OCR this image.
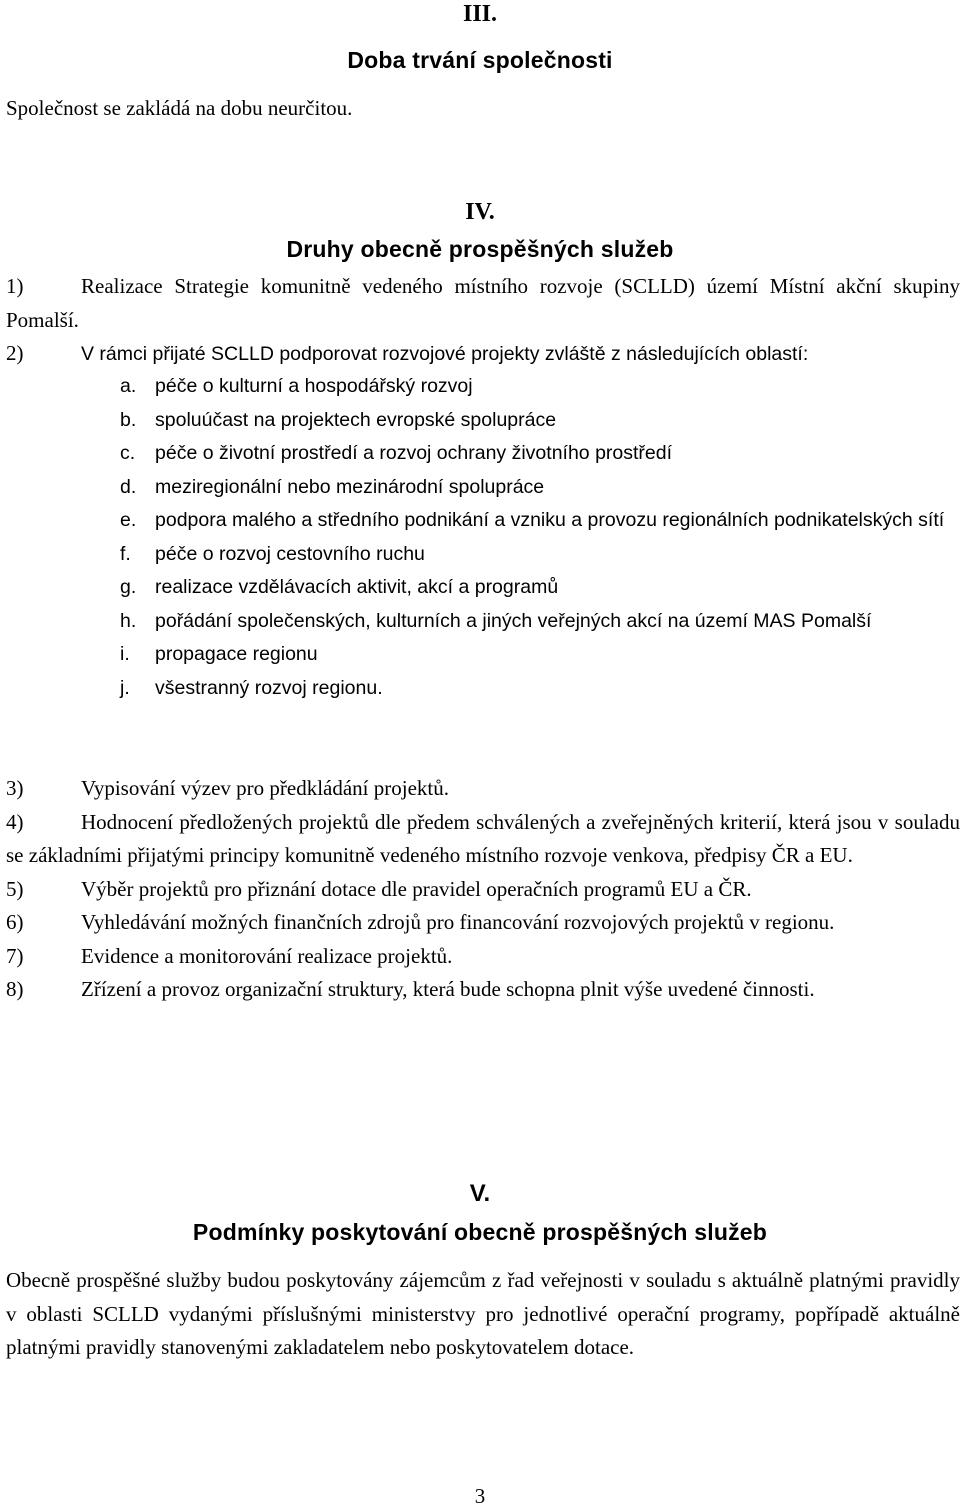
III.
Doba trvání společnosti
Společnost se zakládá na dobu neurčitou.
IV.
Druhy obecně prospěšných služeb
1)	Realizace Strategie komunitně vedeného místního rozvoje (SCLLD) území Místní akční skupiny Pomalší.
2)	V rámci přijaté SCLLD podporovat rozvojové projekty zvláště z následujících oblastí:
a. péče o kulturní a hospodářský rozvoj
b. spoluúčast na projektech evropské spolupráce
c. péče o životní prostředí a rozvoj ochrany životního prostředí
d. meziregionální nebo mezinárodní spolupráce
e. podpora malého a středního podnikání a vzniku a provozu regionálních podnikatelských sítí
f. péče o rozvoj cestovního ruchu
g. realizace vzdělávacích aktivit, akcí a programů
h. pořádání společenských, kulturních a jiných veřejných akcí na území MAS Pomalší
i. propagace regionu
j. všestranný rozvoj regionu.
3)	Vypisování výzev pro předkládání projektů.
4)	Hodnocení předložených projektů dle předem schválených a zveřejněných kriterií, která jsou v souladu se základními přijatými principy komunitně vedeného místního rozvoje venkova, předpisy ČR a EU.
5)	Výběr projektů pro přiznání dotace dle pravidel operačních programů EU a ČR.
6)	Vyhledávání možných finančních zdrojů pro financování rozvojových projektů v regionu.
7)	Evidence a monitorování realizace projektů.
8)	Zřízení a provoz organizační struktury, která bude schopna plnit výše uvedené činnosti.
V.
Podmínky poskytování obecně prospěšných služeb
Obecně prospěšné služby budou poskytovány zájemcům z řad veřejnosti v souladu s aktuálně platnými pravidly v oblasti SCLLD vydanými příslušnými ministerstvy pro jednotlivé operační programy, popřípadě aktuálně platnými pravidly stanovenými zakladatelem nebo poskytovatelem dotace.
3
